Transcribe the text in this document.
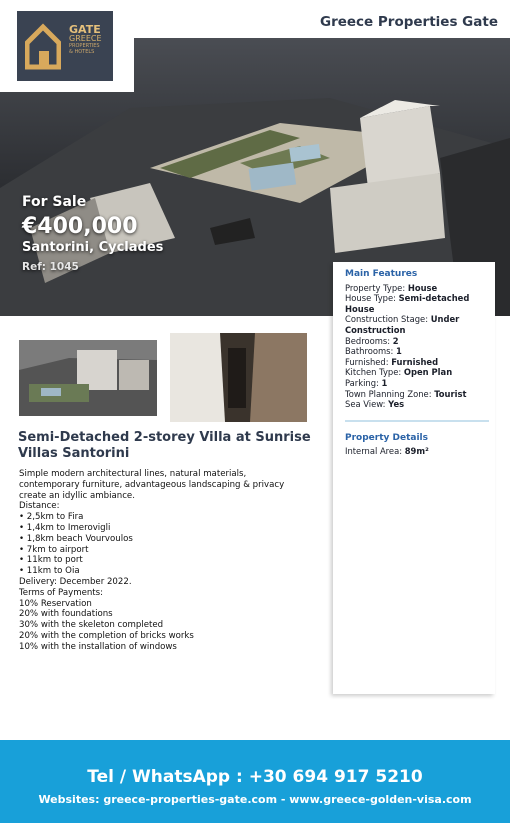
Greece Properties Gate
GATE
GREECE
PROPERTIES
& HOTELS
For Sale
€400,000
Santorini, Cyclades
Ref: 1045
Main Features
Property Type: House
House Type: Semi-detached House
Construction Stage: Under Construction
Bedrooms: 2
Bathrooms: 1
Furnished: Furnished
Kitchen Type: Open Plan
Parking: 1
Town Planning Zone: Tourist
Sea View: Yes
Property Details
Internal Area: 89m²
Semi-Detached 2-storey Villa at Sunrise Villas Santorini
Simple modern architectural lines, natural materials,
contemporary furniture, advantageous landscaping & privacy
create an idyllic ambiance.
Distance:
• 2,5km to Fira
• 1,4km to Imerovigli
• 1,8km beach Vourvoulos
• 7km to airport
• 11km to port
• 11km to Oia
Delivery: December 2022.
Terms of Payments:
10% Reservation
20% with foundations
30% with the skeleton completed
20% with the completion of bricks works
10% with the installation of windows
Tel / WhatsApp : +30 694 917 5210
Websites: greece-properties-gate.com - www.greece-golden-visa.com
